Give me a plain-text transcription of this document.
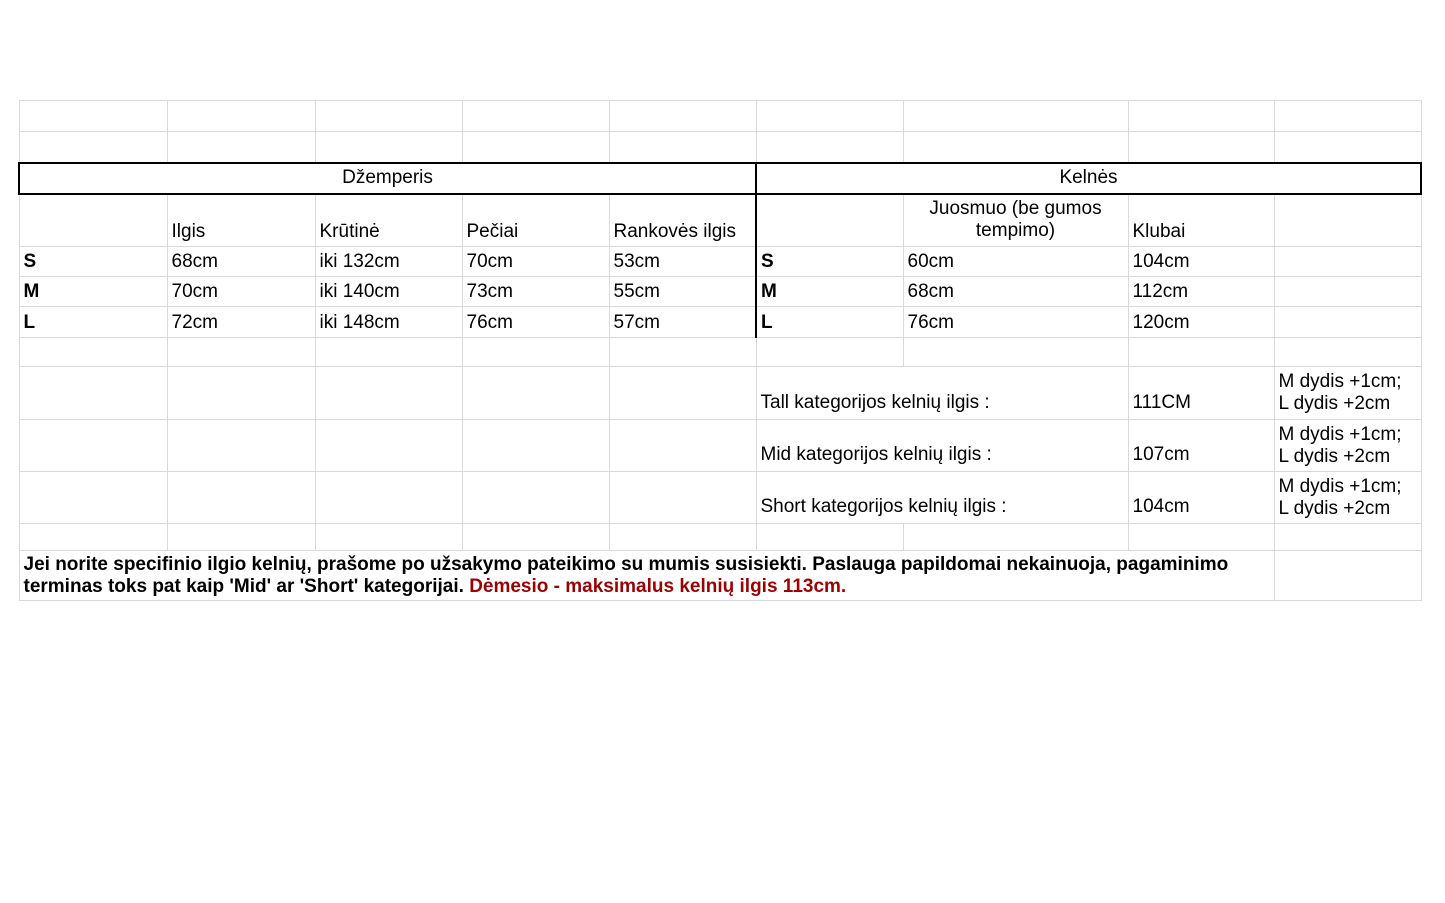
Džemperis					Kelnės			
	Ilgis	Krūtinė	Pečiai	Rankovės ilgis		Juosmuo (be gumos tempimo)	Klubai	
S	68cm	iki 132cm	70cm	53cm	S	60cm	104cm	
M	70cm	iki 140cm	73cm	55cm	M	68cm	112cm	
L	72cm	iki 148cm	76cm	57cm	L	76cm	120cm	

					Tall kategorijos kelnių ilgis :		111CM	M dydis +1cm; L dydis +2cm
					Mid kategorijos kelnių ilgis :		107cm	M dydis +1cm; L dydis +2cm
					Short kategorijos kelnių ilgis :		104cm	M dydis +1cm; L dydis +2cm

Jei norite specifinio ilgio kelnių, prašome po užsakymo pateikimo su mumis susisiekti. Paslauga papildomai nekainuoja, pagaminimo terminas toks pat kaip 'Mid' ar 'Short' kategorijai. Dėmesio - maksimalus kelnių ilgis 113cm.								
